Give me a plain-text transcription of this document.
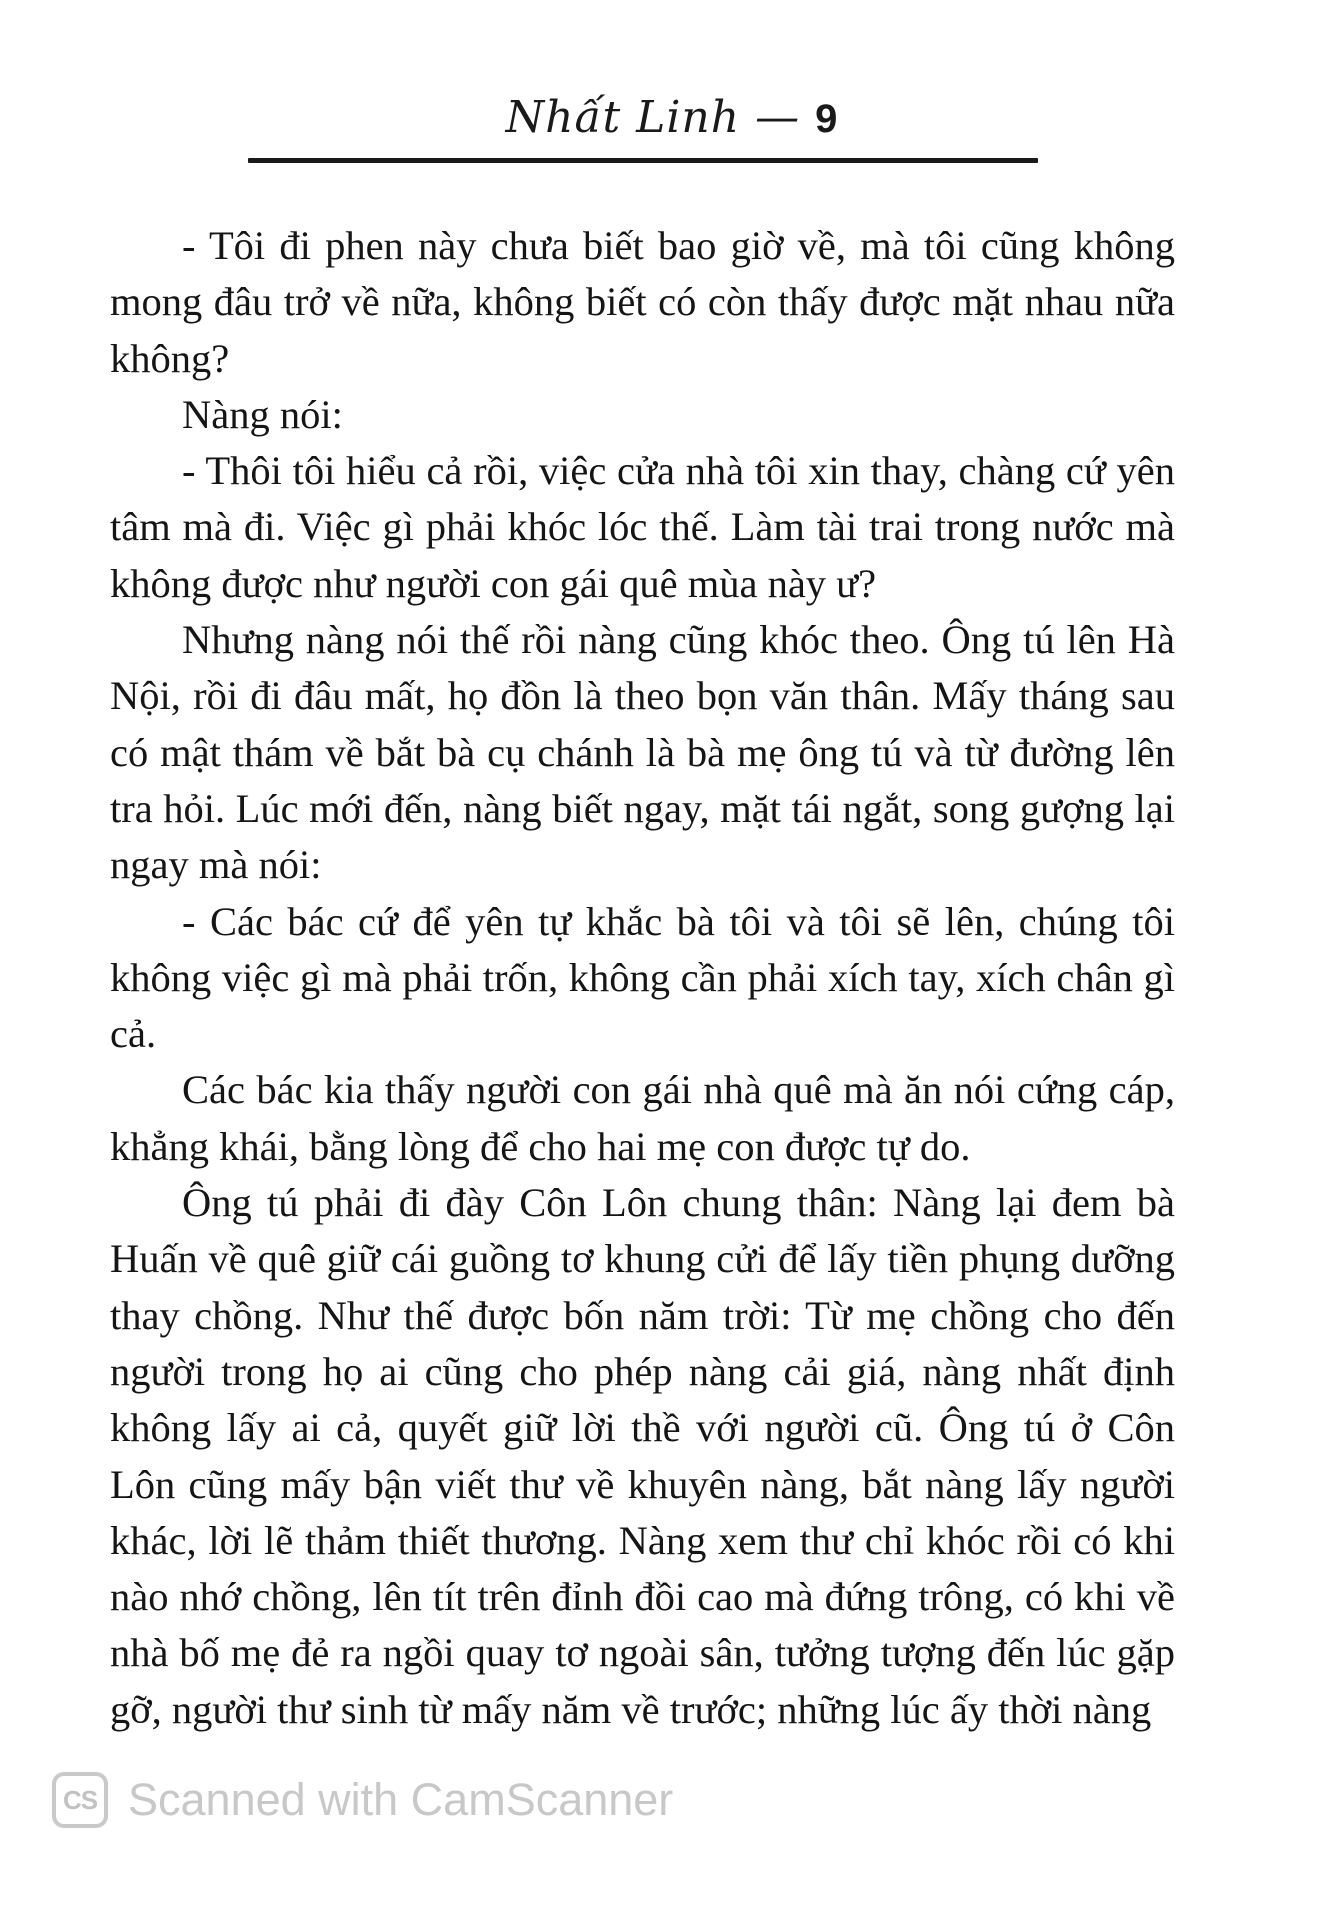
Nhất Linh — 9

- Tôi đi phen này chưa biết bao giờ về, mà tôi cũng không mong đâu trở về nữa, không biết có còn thấy được mặt nhau nữa không?

Nàng nói:

- Thôi tôi hiểu cả rồi, việc cửa nhà tôi xin thay, chàng cứ yên tâm mà đi. Việc gì phải khóc lóc thế. Làm tài trai trong nước mà không được như người con gái quê mùa này ư?

Nhưng nàng nói thế rồi nàng cũng khóc theo. Ông tú lên Hà Nội, rồi đi đâu mất, họ đồn là theo bọn văn thân. Mấy tháng sau có mật thám về bắt bà cụ chánh là bà mẹ ông tú và từ đường lên tra hỏi. Lúc mới đến, nàng biết ngay, mặt tái ngắt, song gượng lại ngay mà nói:

- Các bác cứ để yên tự khắc bà tôi và tôi sẽ lên, chúng tôi không việc gì mà phải trốn, không cần phải xích tay, xích chân gì cả.

Các bác kia thấy người con gái nhà quê mà ăn nói cứng cáp, khẳng khái, bằng lòng để cho hai mẹ con được tự do.

Ông tú phải đi đày Côn Lôn chung thân: Nàng lại đem bà Huấn về quê giữ cái guồng tơ khung cửi để lấy tiền phụng dưỡng thay chồng. Như thế được bốn năm trời: Từ mẹ chồng cho đến người trong họ ai cũng cho phép nàng cải giá, nàng nhất định không lấy ai cả, quyết giữ lời thề với người cũ. Ông tú ở Côn Lôn cũng mấy bận viết thư về khuyên nàng, bắt nàng lấy người khác, lời lẽ thảm thiết thương. Nàng xem thư chỉ khóc rồi có khi nào nhớ chồng, lên tít trên đỉnh đồi cao mà đứng trông, có khi về nhà bố mẹ đẻ ra ngồi quay tơ ngoài sân, tưởng tượng đến lúc gặp gỡ, người thư sinh từ mấy năm về trước; những lúc ấy thời nàng

CS Scanned with CamScanner
